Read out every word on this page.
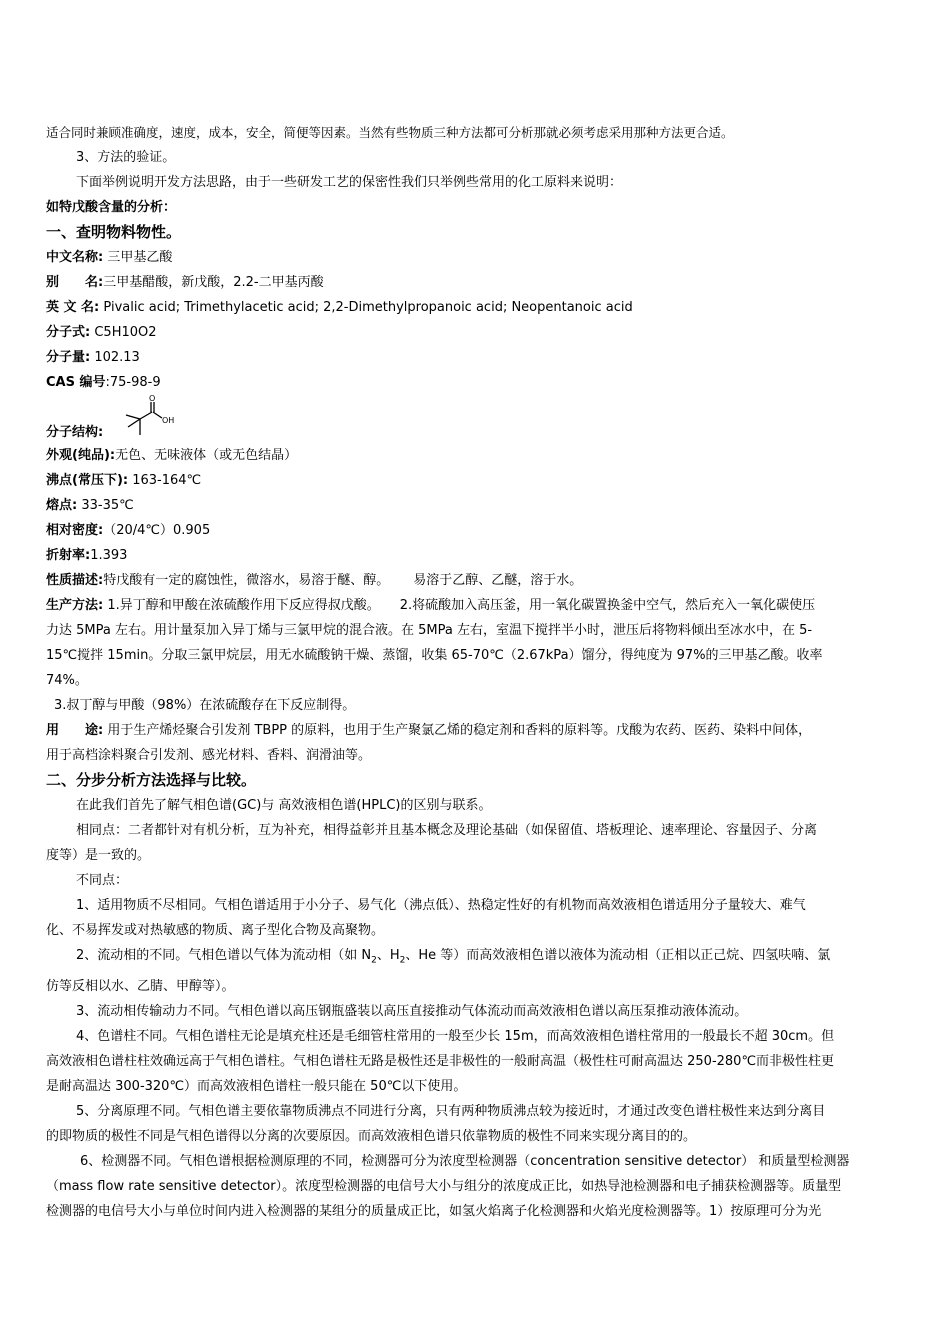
适合同时兼顾准确度，速度，成本，安全，简便等因素。当然有些物质三种方法都可分析那就必须考虑采用那种方法更合适。
3、方法的验证。
下面举例说明开发方法思路，由于一些研发工艺的保密性我们只举例些常用的化工原料来说明：
如特戊酸含量的分析：
一、查明物料物性。
中文名称: 三甲基乙酸
别　　名:三甲基醋酸，新戊酸，2.2-二甲基丙酸
英 文 名: Pivalic acid; Trimethylacetic acid; 2,2-Dimethylpropanoic acid; Neopentanoic acid
分子式: C5H10O2
分子量: 102.13
CAS 编号:75-98-9
分子结构:
O
OH
外观(纯品):无色、无味液体（或无色结晶）
沸点(常压下): 163-164℃
熔点: 33-35℃
相对密度:（20/4℃）0.905
折射率:1.393
性质描述:特戊酸有一定的腐蚀性，微溶水，易溶于醚、醇。 易溶于乙醇、乙醚，溶于水。
生产方法: 1.异丁醇和甲酸在浓硫酸作用下反应得叔戊酸。 2.将硫酸加入高压釜，用一氧化碳置换釜中空气，然后充入一氧化碳使压
力达 5MPa 左右。用计量泵加入异丁烯与三氯甲烷的混合液。在 5MPa 左右，室温下搅拌半小时，泄压后将物料倾出至冰水中，在 5-
15℃搅拌 15min。分取三氯甲烷层，用无水硫酸钠干燥、蒸馏，收集 65-70℃（2.67kPa）馏分，得纯度为 97%的三甲基乙酸。收率
74%。
3.叔丁醇与甲酸（98%）在浓硫酸存在下反应制得。
用　　途: 用于生产烯烃聚合引发剂 TBPP 的原料，也用于生产聚氯乙烯的稳定剂和香料的原料等。戊酸为农药、医药、染料中间体，
用于高档涂料聚合引发剂、感光材料、香料、润滑油等。
二、分步分析方法选择与比较。
在此我们首先了解气相色谱(GC)与 高效液相色谱(HPLC)的区别与联系。
相同点：二者都针对有机分析，互为补充，相得益彰并且基本概念及理论基础（如保留值、塔板理论、速率理论、容量因子、分离
度等）是一致的。
不同点：
1、适用物质不尽相同。气相色谱适用于小分子、易气化（沸点低）、热稳定性好的有机物而高效液相色谱适用分子量较大、难气
化、不易挥发或对热敏感的物质、离子型化合物及高聚物。
2、流动相的不同。气相色谱以气体为流动相（如 $N_2$、$H_2$、He 等）而高效液相色谱以液体为流动相（正相以正己烷、四氢呋喃、氯
仿等反相以水、乙腈、甲醇等）。
3、流动相传输动力不同。气相色谱以高压钢瓶盛装以高压直接推动气体流动而高效液相色谱以高压泵推动液体流动。
4、色谱柱不同。气相色谱柱无论是填充柱还是毛细管柱常用的一般至少长 15m，而高效液相色谱柱常用的一般最长不超 30cm。但
高效液相色谱柱柱效确远高于气相色谱柱。气相色谱柱无路是极性还是非极性的一般耐高温（极性柱可耐高温达 250-280℃而非极性柱更
是耐高温达 300-320℃）而高效液相色谱柱一般只能在 50℃以下使用。
5、分离原理不同。气相色谱主要依靠物质沸点不同进行分离，只有两种物质沸点较为接近时，才通过改变色谱柱极性来达到分离目
的即物质的极性不同是气相色谱得以分离的次要原因。而高效液相色谱只依靠物质的极性不同来实现分离目的的。
6、检测器不同。气相色谱根据检测原理的不同，检测器可分为浓度型检测器（concentration sensitive detector） 和质量型检测器
（mass flow rate sensitive detector）。浓度型检测器的电信号大小与组分的浓度成正比，如热导池检测器和电子捕获检测器等。质量型
检测器的电信号大小与单位时间内进入检测器的某组分的质量成正比，如氢火焰离子化检测器和火焰光度检测器等。1）按原理可分为光
